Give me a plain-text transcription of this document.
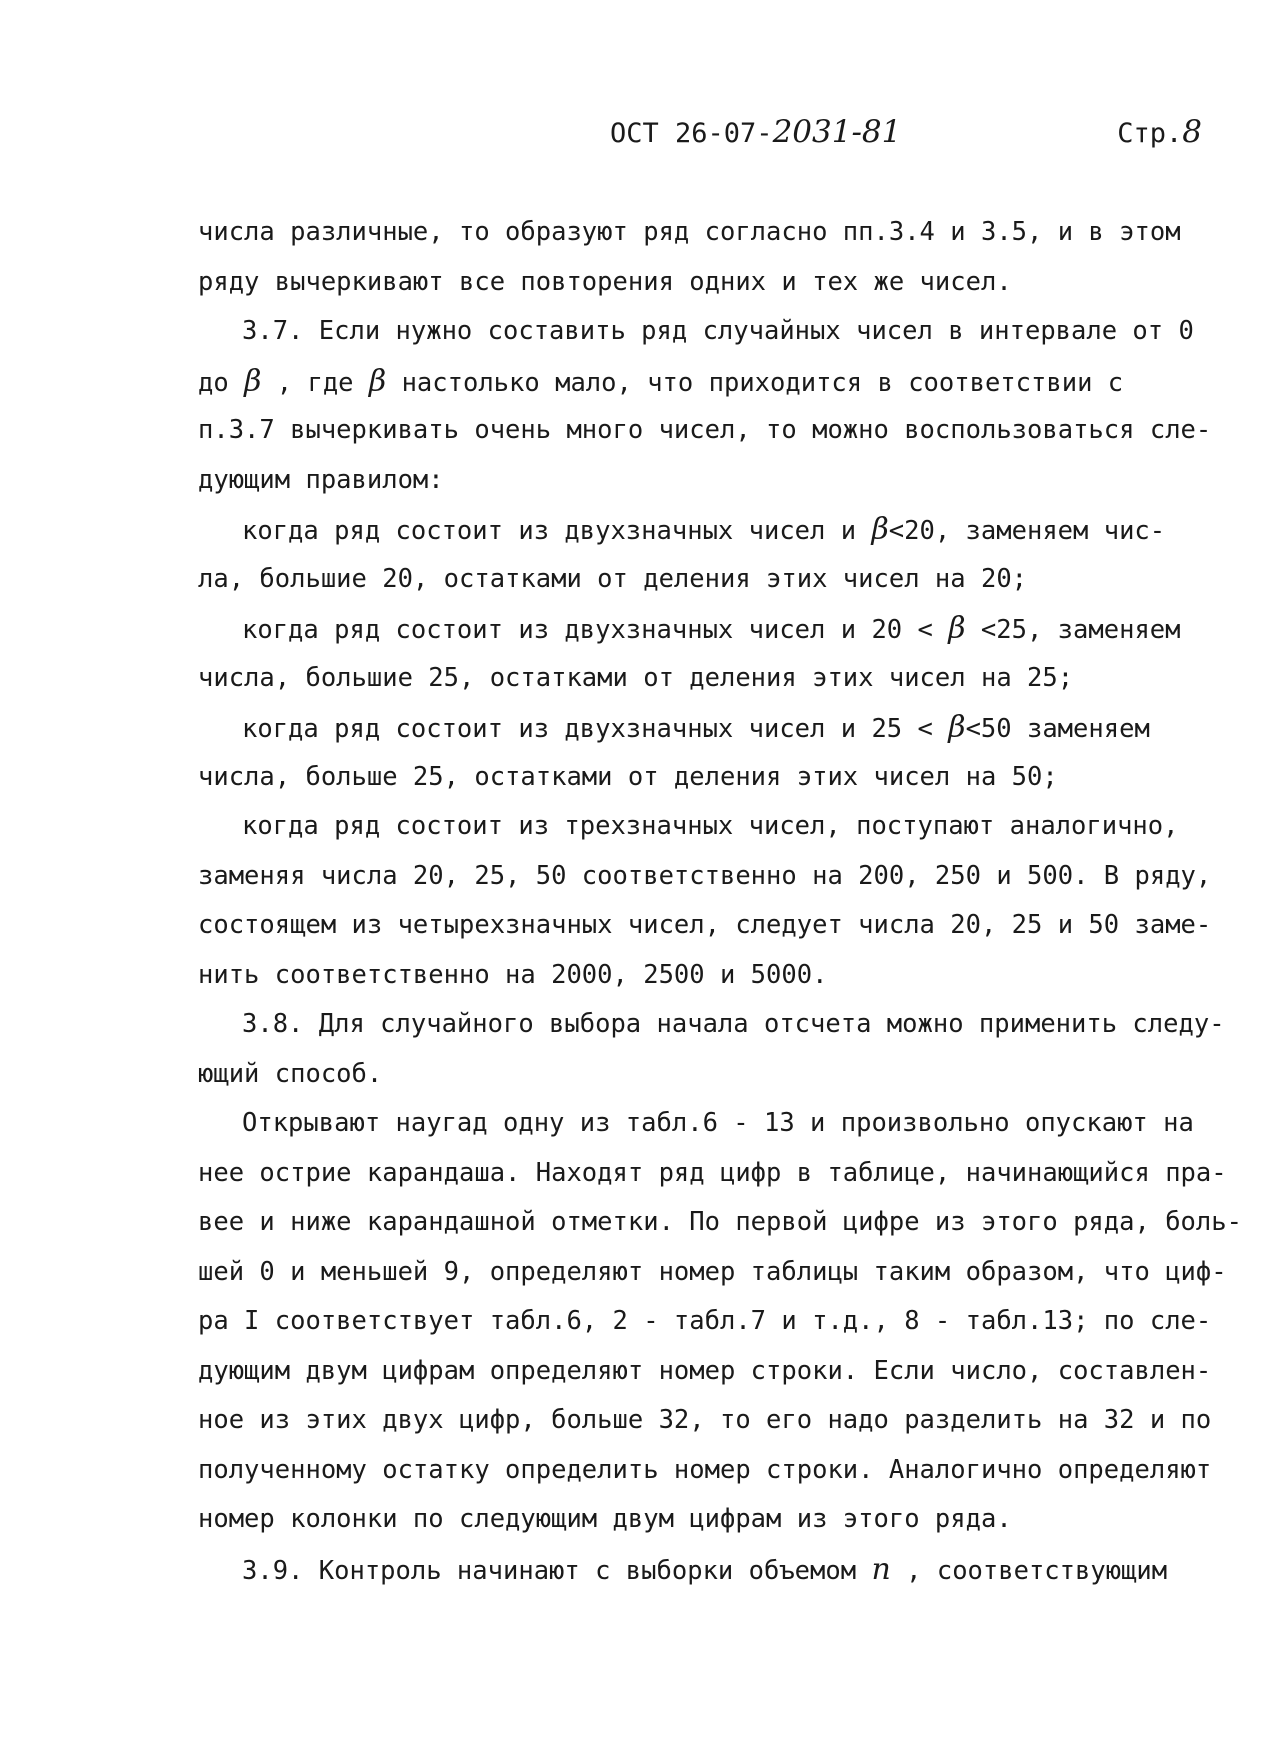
ОСТ 26-07-2031-81	Стр.8
числа различные, то образуют ряд согласно пп.3.4 и 3.5, и в этом
ряду вычеркивают все повторения одних и тех же чисел.
3.7. Если нужно составить ряд случайных чисел в интервале от 0
до β , где β настолько мало, что приходится в соответствии с
п.3.7 вычеркивать очень много чисел, то можно воспользоваться сле-
дующим правилом:
когда ряд состоит из двухзначных чисел и β<20, заменяем чис-
ла, большие 20, остатками от деления этих чисел на 20;
когда ряд состоит из двухзначных чисел и 20 < β <25, заменяем
числа, большие 25, остатками от деления этих чисел на 25;
когда ряд состоит из двухзначных чисел и 25 < β<50 заменяем
числа, больше 25, остатками от деления этих чисел на 50;
когда ряд состоит из трехзначных чисел, поступают аналогично,
заменяя числа 20, 25, 50 соответственно на 200, 250 и 500. В ряду,
состоящем из четырехзначных чисел, следует числа 20, 25 и 50 заме-
нить соответственно на 2000, 2500 и 5000.
3.8. Для случайного выбора начала отсчета можно применить следу-
ющий способ.
Открывают наугад одну из табл.6 - 13 и произвольно опускают на
нее острие карандаша. Находят ряд цифр в таблице, начинающийся пра-
вее и ниже карандашной отметки. По первой цифре из этого ряда, боль-
шей 0 и меньшей 9, определяют номер таблицы таким образом, что циф-
ра I соответствует табл.6, 2 - табл.7 и т.д., 8 - табл.13; по сле-
дующим двум цифрам определяют номер строки. Если число, составлен-
ное из этих двух цифр, больше 32, то его надо разделить на 32 и по
полученному остатку определить номер строки. Аналогично определяют
номер колонки по следующим двум цифрам из этого ряда.
3.9. Контроль начинают с выборки объемом n , соответствующим
